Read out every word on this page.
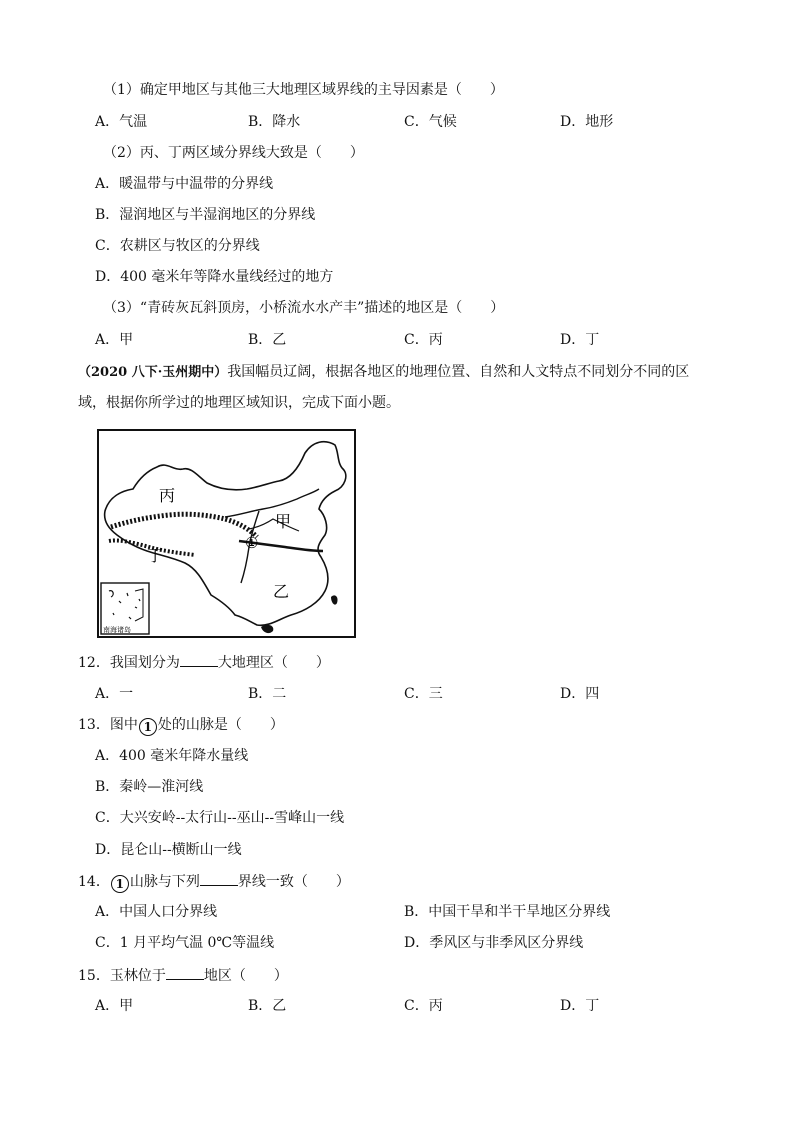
（1）确定甲地区与其他三大地理区域界线的主导因素是（　　）
A．气温	B．降水	C．气候	D．地形
（2）丙、丁两区域分界线大致是（　　）
A．暖温带与中温带的分界线
B．湿润地区与半湿润地区的分界线
C．农耕区与牧区的分界线
D．400 毫米年等降水量线经过的地方
（3）“青砖灰瓦斜顶房，小桥流水水产丰”描述的地区是（　　）
A．甲	B．乙	C．丙	D．丁
（2020 八下·玉州期中）我国幅员辽阔，根据各地区的地理位置、自然和人文特点不同划分不同的区
域，根据你所学过的地理区域知识，完成下面小题。
丙
甲
丁
乙
①
南海诸岛
12．我国划分为	大地理区（　　）
A．一	B．二	C．三	D．四
13．图中 1 处的山脉是（　　）
A．400 毫米年降水量线
B．秦岭—淮河线
C．大兴安岭--太行山--巫山--雪峰山一线
D．昆仑山--横断山一线
14． 1 山脉与下列	界线一致（　　）
A．中国人口分界线	B．中国干旱和半干旱地区分界线
C．1 月平均气温 0℃等温线	D．季风区与非季风区分界线
15．玉林位于	地区（　　）
A．甲	B．乙	C．丙	D．丁
